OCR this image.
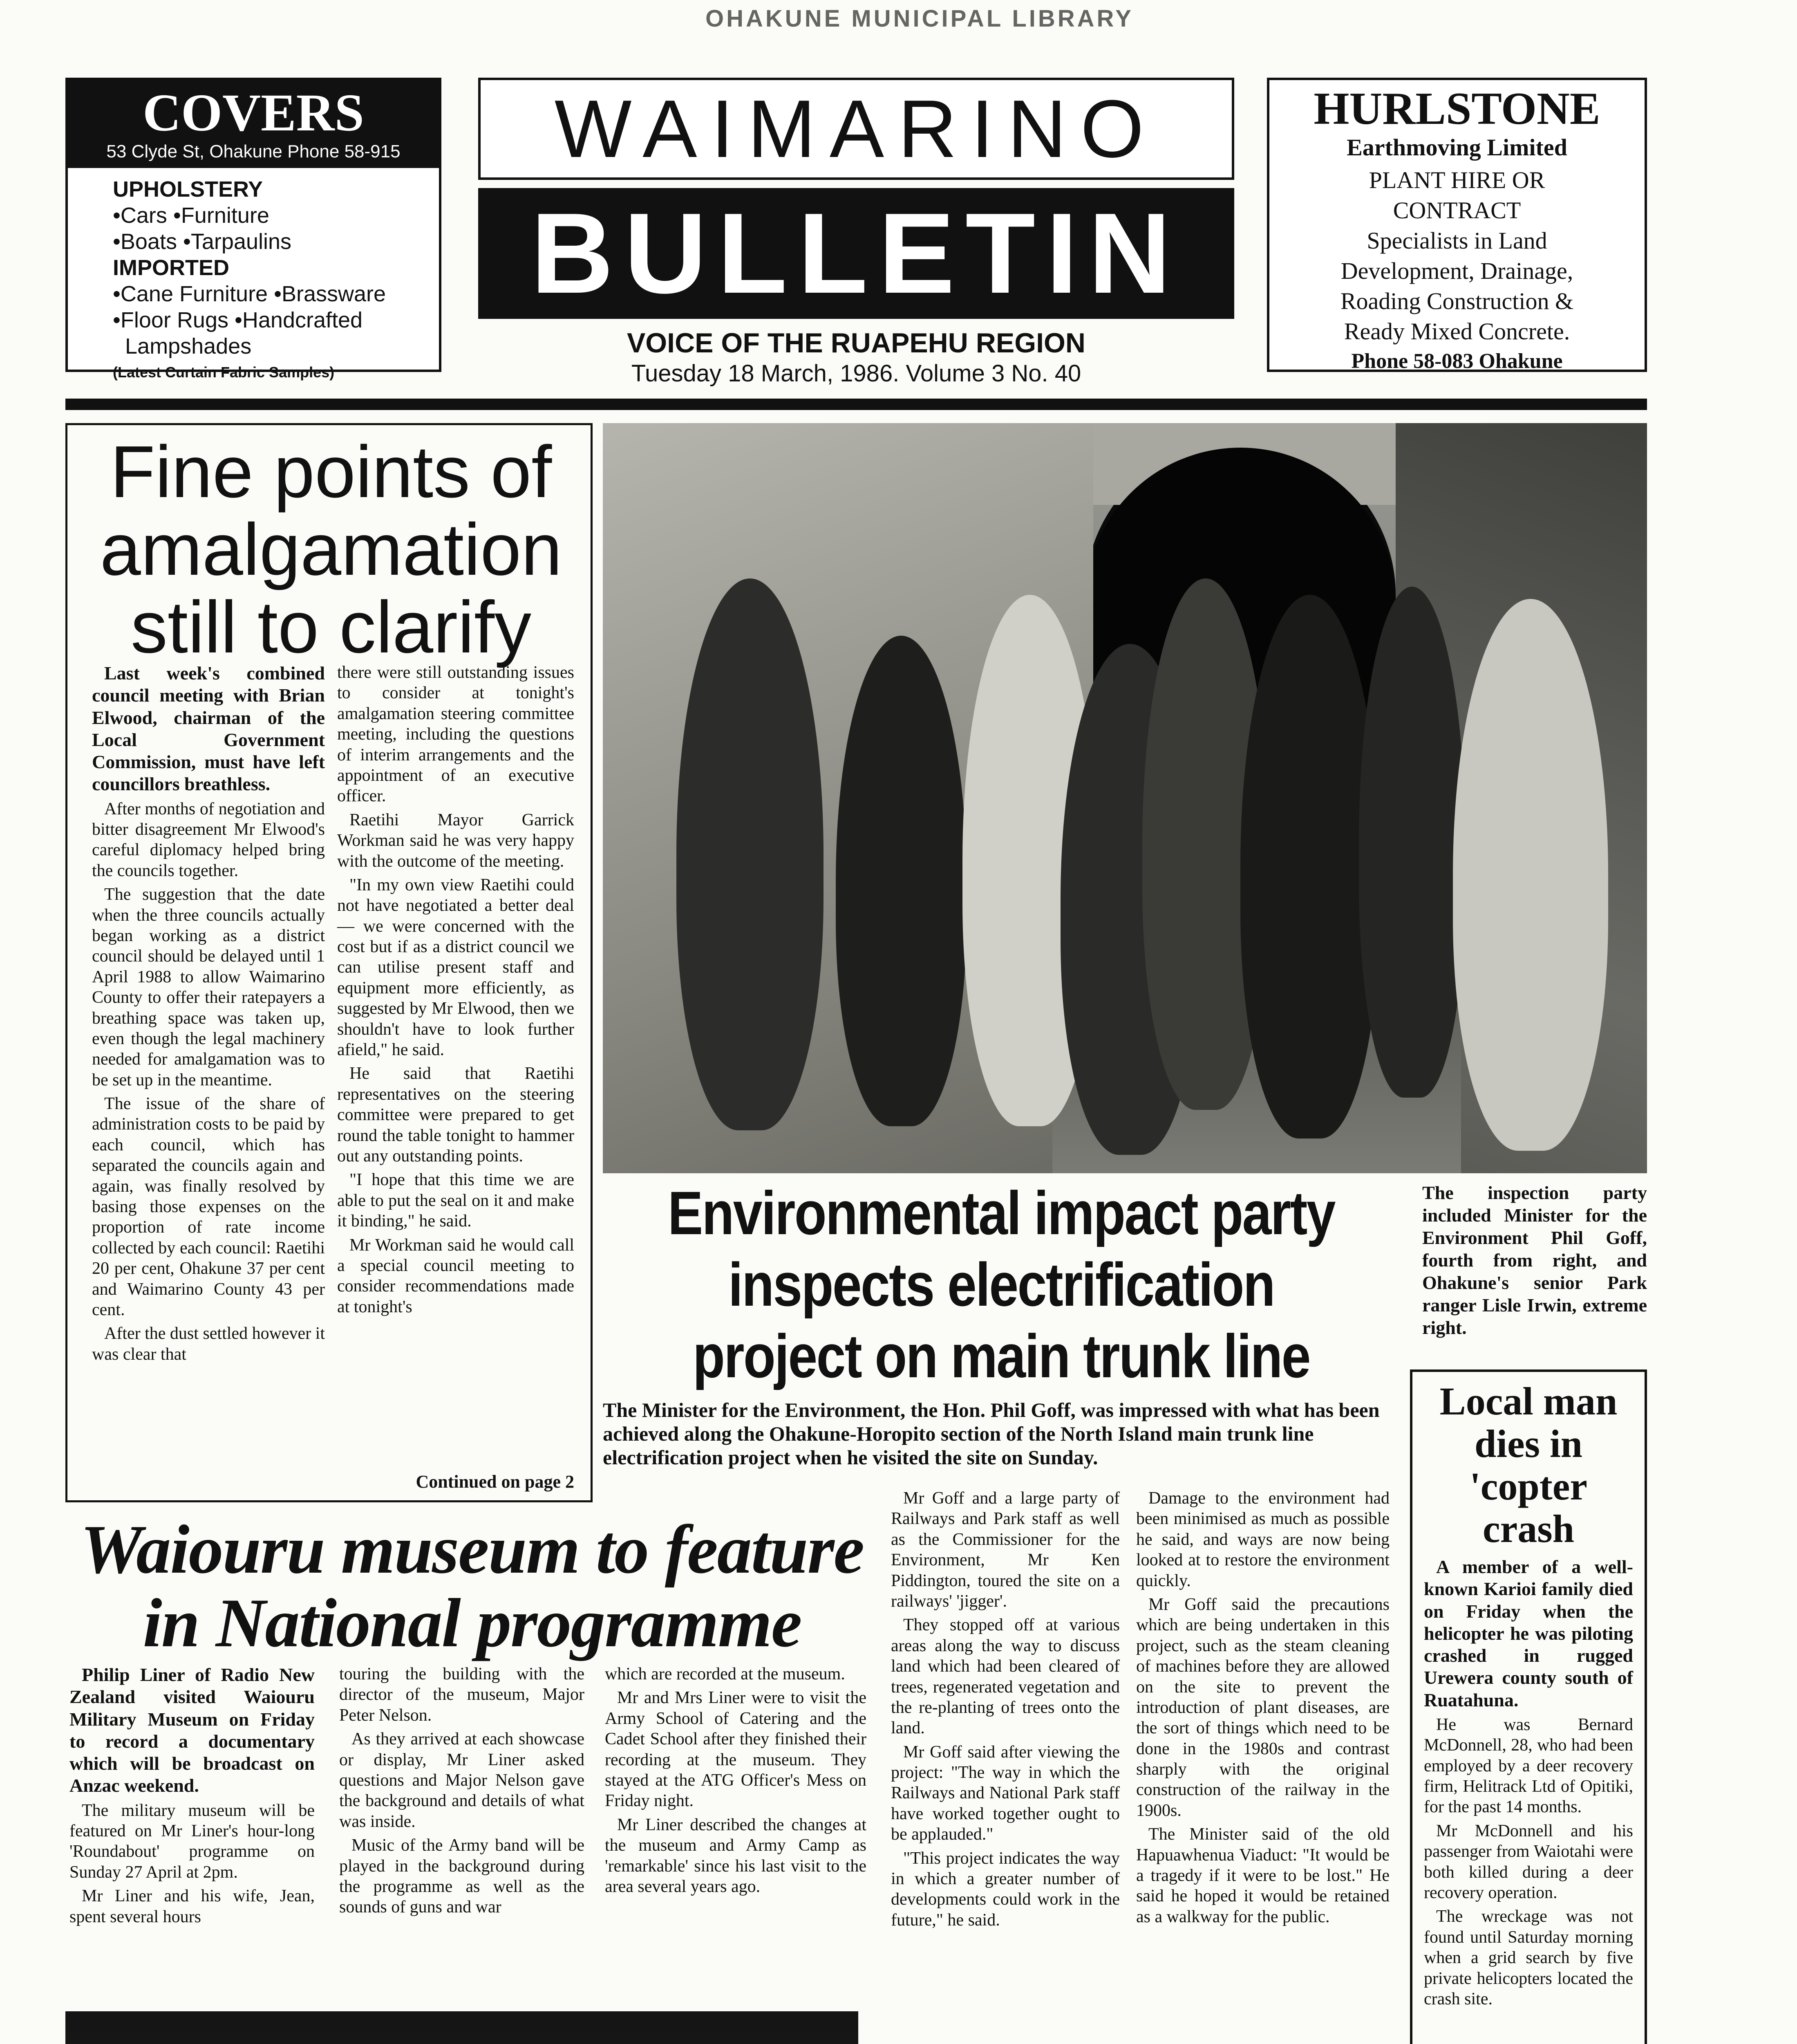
OHAKUNE MUNICIPAL LIBRARY
COVERS
53 Clyde St, Ohakune Phone 58-915
UPHOLSTERY
•Cars •Furniture
•Boats •Tarpaulins
IMPORTED
•Cane Furniture •Brassware
•Floor Rugs •Handcrafted
Lampshades
(Latest Curtain Fabric Samples)
WAIMARINO
BULLETIN
VOICE OF THE RUAPEHU REGION
Tuesday 18 March, 1986. Volume 3 No. 40
HURLSTONE
Earthmoving Limited
PLANT HIRE OR
CONTRACT
Specialists in Land
Development, Drainage,
Roading Construction &
Ready Mixed Concrete.
Phone 58-083 Ohakune
Fine points of amalgamation still to clarify

Last week's combined council meeting with Brian Elwood, chairman of the Local Government Commission, must have left councillors breathless.

After months of negotiation and bitter disagreement Mr Elwood's careful diplomacy helped bring the councils together.

The suggestion that the date when the three councils actually began working as a district council should be delayed until 1 April 1988 to allow Waimarino County to offer their ratepayers a breathing space was taken up, even though the legal machinery needed for amalgamation was to be set up in the meantime.

The issue of the share of administration costs to be paid by each council, which has separated the councils again and again, was finally resolved by basing those expenses on the proportion of rate income collected by each council: Raetihi 20 per cent, Ohakune 37 per cent and Waimarino County 43 per cent.

After the dust settled however it was clear that

there were still outstanding issues to consider at tonight's amalgamation steering committee meeting, including the questions of interim arrangements and the appointment of an executive officer.

Raetihi Mayor Garrick Workman said he was very happy with the outcome of the meeting.

"In my own view Raetihi could not have negotiated a better deal — we were concerned with the cost but if as a district council we can utilise present staff and equipment more efficiently, as suggested by Mr Elwood, then we shouldn't have to look further afield," he said.

He said that Raetihi representatives on the steering committee were prepared to get round the table tonight to hammer out any outstanding points.

"I hope that this time we are able to put the seal on it and make it binding," he said.

Mr Workman said he would call a special council meeting to consider recommendations made at tonight's

Continued on page 2
The inspection party included Minister for the Environment Phil Goff, fourth from right, and Ohakune's senior Park ranger Lisle Irwin, extreme right.
Environmental impact party inspects electrification project on main trunk line
The Minister for the Environment, the Hon. Phil Goff, was impressed with what has been achieved along the Ohakune-Horopito section of the North Island main trunk line electrification project when he visited the site on Sunday.

Mr Goff and a large party of Railways and Park staff as well as the Commissioner for the Environment, Mr Ken Piddington, toured the site on a railways' 'jigger'.

They stopped off at various areas along the way to discuss land which had been cleared of trees, regenerated vegetation and the re-planting of trees onto the land.

Mr Goff said after viewing the project: "The way in which the Railways and National Park staff have worked together ought to be applauded."

"This project indicates the way in which a greater number of developments could work in the future," he said.

Damage to the environment had been minimised as much as possible he said, and ways are now being looked at to restore the environment quickly.

Mr Goff said the precautions which are being undertaken in this project, such as the steam cleaning of machines before they are allowed on the site to prevent the introduction of plant diseases, are the sort of things which need to be done in the 1980s and contrast sharply with the original construction of the railway in the 1900s.

The Minister said of the old Hapuawhenua Viaduct: "It would be a tragedy if it were to be lost." He said he hoped it would be retained as a walkway for the public.

Local man dies in 'copter crash

A member of a well-known Karioi family died on Friday when the helicopter he was piloting crashed in rugged Urewera county south of Ruatahuna.

He was Bernard McDonnell, 28, who had been employed by a deer recovery firm, Helitrack Ltd of Opitiki, for the past 14 months.

Mr McDonnell and his passenger from Waiotahi were both killed during a deer recovery operation.

The wreckage was not found until Saturday morning when a grid search by five private helicopters located the crash site.

Waiouru museum to feature
in National programme

Philip Liner of Radio New Zealand visited Waiouru Military Museum on Friday to record a documentary which will be broadcast on Anzac weekend.

The military museum will be featured on Mr Liner's hour-long 'Roundabout' programme on Sunday 27 April at 2pm.

Mr Liner and his wife, Jean, spent several hours

touring the building with the director of the museum, Major Peter Nelson.

As they arrived at each showcase or display, Mr Liner asked questions and Major Nelson gave the background and details of what was inside.

Music of the Army band will be played in the background during the programme as well as the sounds of guns and war

which are recorded at the museum.

Mr and Mrs Liner were to visit the Army School of Catering and the Cadet School after they finished their recording at the museum. They stayed at the ATG Officer's Mess on Friday night.

Mr Liner described the changes at the museum and Army Camp as 'remarkable' since his last visit to the area several years ago.
